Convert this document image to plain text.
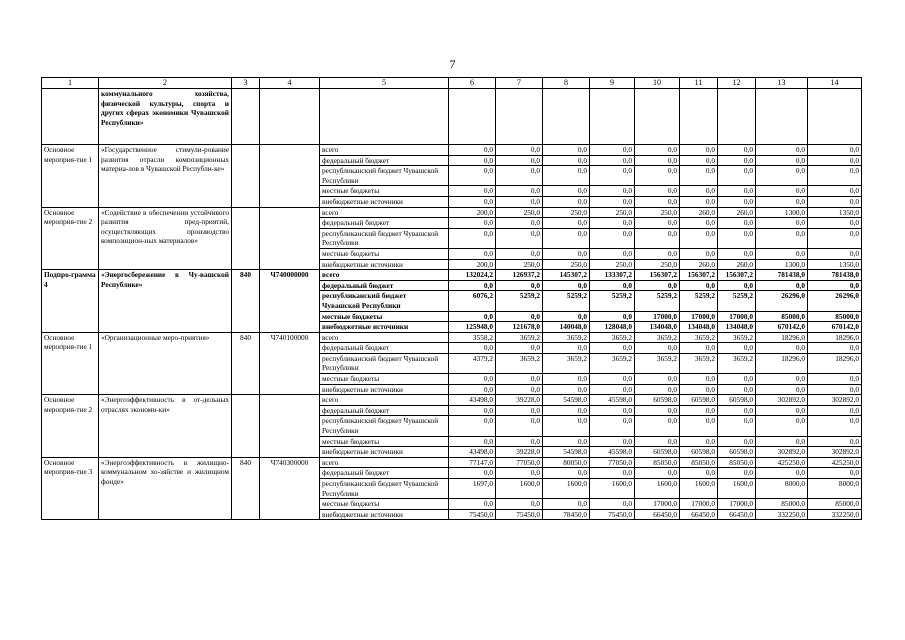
7
1	2	3	4	5	6	7	8	9	10	11	12	13	14
	коммунального хозяйства, физической культуры, спорта и других сферах экономики Чувашской Республики»												
Основное мероприя-тие 1	«Государственное стимули-рование развития отрасли композиционных материа-лов в Чувашской Республи-ке»			всего	0,0	0,0	0,0	0,0	0,0	0,0	0,0	0,0	0,0
				федеральный бюджет	0,0	0,0	0,0	0,0	0,0	0,0	0,0	0,0	0,0
				республиканский бюджет Чувашской Республики	0,0	0,0	0,0	0,0	0,0	0,0	0,0	0,0	0,0
				местные бюджеты	0,0	0,0	0,0	0,0	0,0	0,0	0,0	0,0	0,0
				внебюджетные источники	0,0	0,0	0,0	0,0	0,0	0,0	0,0	0,0	0,0
Основное мероприя-тие 2	«Содействие в обеспечении устойчивого развития пред-приятий, осуществляющих производство композицион-ных материалов»			всего	200,0	250,0	250,0	250,0	250,0	260,0	260,0	1300,0	1350,0
				федеральный бюджет	0,0	0,0	0,0	0,0	0,0	0,0	0,0	0,0	0,0
				республиканский бюджет Чувашской Республики	0,0	0,0	0,0	0,0	0,0	0,0	0,0	0,0	0,0
				местные бюджеты	0,0	0,0	0,0	0,0	0,0	0,0	0,0	0,0	0,0
				внебюджетные источники	200,0	250,0	250,0	250,0	250,0	260,0	260,0	1300,0	1350,0
Подпро-грамма 4	«Энергосбережение в Чу-вашской Республике»	840	Ч740000000	всего	132024,2	126937,2	145307,2	133307,2	156307,2	156307,2	156307,2	781438,0	781438,0
				федеральный бюджет	0,0	0,0	0,0	0,0	0,0	0,0	0,0	0,0	0,0
				республиканский бюджет Чувашской Республики	6076,2	5259,2	5259,2	5259,2	5259,2	5259,2	5259,2	26296,0	26296,0
				местные бюджеты	0,0	0,0	0,0	0,0	17000,0	17000,0	17000,0	85000,0	85000,0
				внебюджетные источники	125948,0	121678,0	140048,0	128048,0	134048,0	134048,0	134048,0	670142,0	670142,0
Основное мероприя-тие 1	«Организационные меро-приятия»	840	Ч740100000	всего	3558,2	3659,2	3659,2	3659,2	3659,2	3659,2	3659,2	18296,0	18296,0
				федеральный бюджет	0,0	0,0	0,0	0,0	0,0	0,0	0,0	0,0	0,0
				республиканский бюджет Чувашской Республики	4379,2	3659,2	3659,2	3659,2	3659,2	3659,2	3659,2	18296,0	18296,0
				местные бюджеты	0,0	0,0	0,0	0,0	0,0	0,0	0,0	0,0	0,0
				внебюджетные источники	0,0	0,0	0,0	0,0	0,0	0,0	0,0	0,0	0,0
Основное мероприя-тие 2	«Энергоэффективность в от-дельных отраслях экономи-ки»			всего	43498,0	39228,0	54598,0	45598,0	60598,0	60598,0	60598,0	302892,0	302892,0
				федеральный бюджет	0,0	0,0	0,0	0,0	0,0	0,0	0,0	0,0	0,0
				республиканский бюджет Чувашской Республики	0,0	0,0	0,0	0,0	0,0	0,0	0,0	0,0	0,0
				местные бюджеты	0,0	0,0	0,0	0,0	0,0	0,0	0,0	0,0	0,0
				внебюджетные источники	43498,0	39228,0	54598,0	45598,0	60598,0	60598,0	60598,0	302892,0	302892,0
Основное мероприя-тие 3	«Энергоэффективность в жилищно-коммунальном хо-зяйстве и жилищном фонде»	840	Ч740300000	всего	77147,0	77050,0	80050,0	77050,0	85050,0	85050,0	85050,0	425250,0	425250,0
				федеральный бюджет	0,0	0,0	0,0	0,0	0,0	0,0	0,0	0,0	0,0
				республиканский бюджет Чувашской Республики	1697,0	1600,0	1600,0	1600,0	1600,0	1600,0	1600,0	8000,0	8000,0
				местные бюджеты	0,0	0,0	0,0	0,0	17000,0	17000,0	17000,0	85000,0	85000,0
				внебюджетные источники	75450,0	75450,0	78450,0	75450,0	66450,0	66450,0	66450,0	332250,0	332250,0
